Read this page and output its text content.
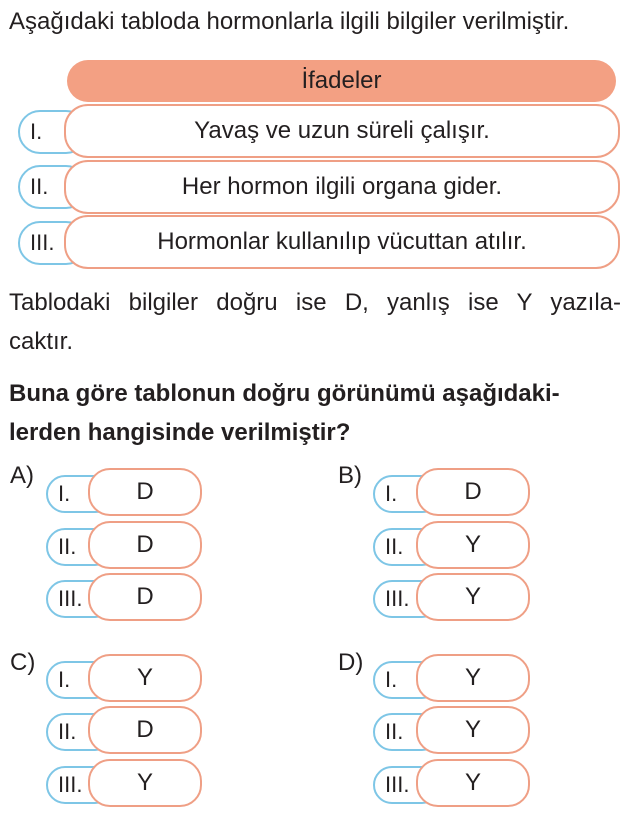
Aşağıdaki tabloda hormonlarla ilgili bilgiler verilmiştir.
İfadeler
I.	Yavaş ve uzun süreli çalışır.
II.	Her hormon ilgili organa gider.
III.	Hormonlar kullanılıp vücuttan atılır.
Tablodaki bilgiler doğru ise D, yanlış ise Y yazıla-
caktır.
Buna göre tablonun doğru görünümü aşağıdaki-
lerden hangisinde verilmiştir?
A)
I.	D
II. D
III. D
B)
I.	D
II.	Y
III. Y
C)
I.	Y
II. D
III. Y
D)
I.	Y
II.	Y
III. Y
